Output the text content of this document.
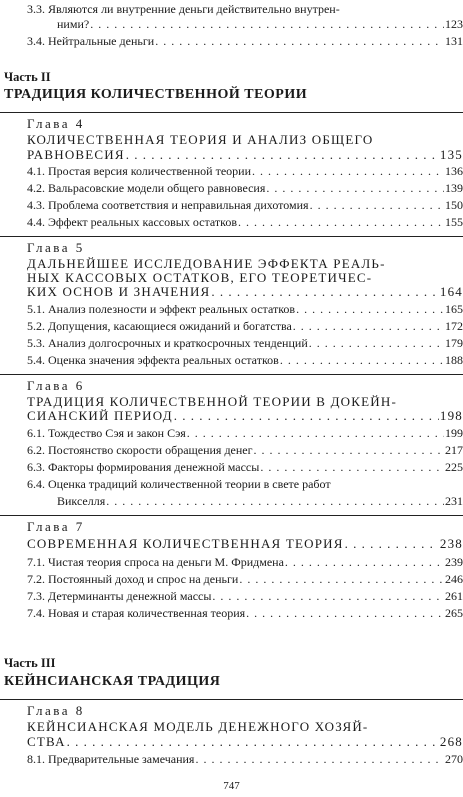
3.3. Являются ли внутренние деньги действительно внутрен-
ними? . . .	123
3.4. Нейтральные деньги . . .	131
Часть II
ТРАДИЦИЯ КОЛИЧЕСТВЕННОЙ ТЕОРИИ
Глава 4
КОЛИЧЕСТВЕННАЯ ТЕОРИЯ И АНАЛИЗ ОБЩЕГО
РАВНОВЕСИЯ . . .	135
4.1. Простая версия количественной теории . . .	136
4.2. Вальрасовские модели общего равновесия . . .	139
4.3. Проблема соответствия и неправильная дихотомия . . .	150
4.4. Эффект реальных кассовых остатков . . .	155
Глава 5
ДАЛЬНЕЙШЕЕ ИССЛЕДОВАНИЕ ЭФФЕКТА РЕАЛЬ-
НЫХ КАССОВЫХ ОСТАТКОВ, ЕГО ТЕОРЕТИЧЕС-
КИХ ОСНОВ И ЗНАЧЕНИЯ . . .	164
5.1. Анализ полезности и эффект реальных остатков . . .	165
5.2. Допущения, касающиеся ожиданий и богатства . . .	172
5.3. Анализ долгосрочных и краткосрочных тенденций . . .	179
5.4. Оценка значения эффекта реальных остатков . . .	188
Глава 6
ТРАДИЦИЯ КОЛИЧЕСТВЕННОЙ ТЕОРИИ В ДОКЕЙН-
СИАНСКИЙ ПЕРИОД . . .	198
6.1. Тождество Сэя и закон Сэя . . .	199
6.2. Постоянство скорости обращения денег . . .	217
6.3. Факторы формирования денежной массы . . .	225
6.4. Оценка традиций количественной теории в свете работ
Викселля . . .	231
Глава 7
СОВРЕМЕННАЯ КОЛИЧЕСТВЕННАЯ ТЕОРИЯ . . .	238
7.1. Чистая теория спроса на деньги М. Фридмена . . .	239
7.2. Постоянный доход и спрос на деньги . . .	246
7.3. Детерминанты денежной массы . . .	261
7.4. Новая и старая количественная теория . . .	265
Часть III
КЕЙНСИАНСКАЯ ТРАДИЦИЯ
Глава 8
КЕЙНСИАНСКАЯ МОДЕЛЬ ДЕНЕЖНОГО ХОЗЯЙ-
СТВА . . .	268
8.1. Предварительные замечания . . .	270
747
